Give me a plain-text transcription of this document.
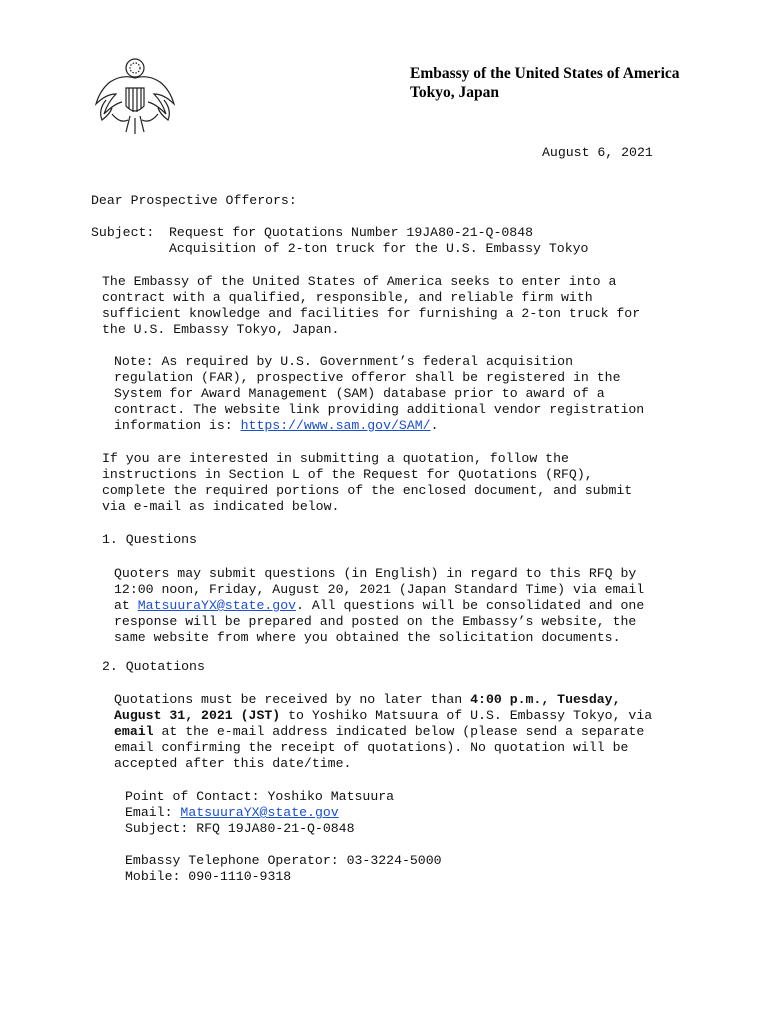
Embassy of the United States of America
Tokyo, Japan
August 6, 2021
Dear Prospective Offerors:
Subject: Request for Quotations Number 19JA80-21-Q-0848
Acquisition of 2-ton truck for the U.S. Embassy Tokyo
The Embassy of the United States of America seeks to enter into a
contract with a qualified, responsible, and reliable firm with
sufficient knowledge and facilities for furnishing a 2-ton truck for
the U.S. Embassy Tokyo, Japan.
Note: As required by U.S. Government’s federal acquisition
regulation (FAR), prospective offeror shall be registered in the
System for Award Management (SAM) database prior to award of a
contract. The website link providing additional vendor registration
information is: https://www.sam.gov/SAM/.
If you are interested in submitting a quotation, follow the
instructions in Section L of the Request for Quotations (RFQ),
complete the required portions of the enclosed document, and submit
via e-mail as indicated below.
1. Questions
Quoters may submit questions (in English) in regard to this RFQ by
12:00 noon, Friday, August 20, 2021 (Japan Standard Time) via email
at MatsuuraYX@state.gov. All questions will be consolidated and one
response will be prepared and posted on the Embassy’s website, the
same website from where you obtained the solicitation documents.
2. Quotations
Quotations must be received by no later than 4:00 p.m., Tuesday,
August 31, 2021 (JST) to Yoshiko Matsuura of U.S. Embassy Tokyo, via
email at the e-mail address indicated below (please send a separate
email confirming the receipt of quotations). No quotation will be
accepted after this date/time.
Point of Contact: Yoshiko Matsuura
Email: MatsuuraYX@state.gov
Subject: RFQ 19JA80-21-Q-0848
Embassy Telephone Operator: 03-3224-5000
Mobile: 090-1110-9318
